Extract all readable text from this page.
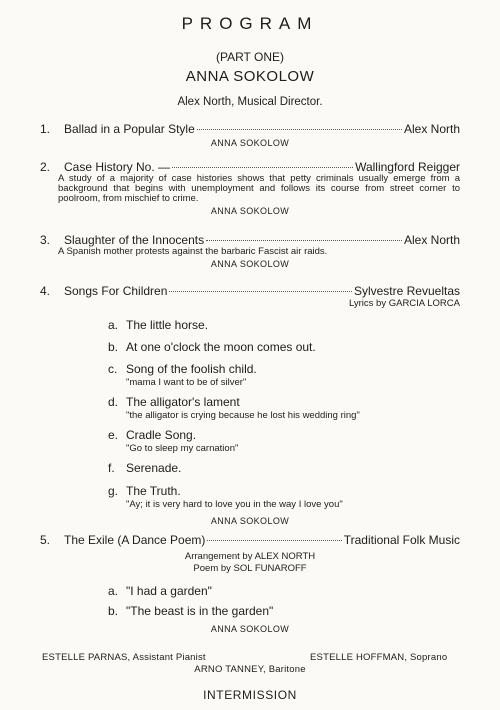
PROGRAM
(PART ONE)
ANNA SOKOLOW
Alex North, Musical Director.
1.	Ballad in a Popular Style	Alex North
ANNA SOKOLOW
2.	Case History No. —	Wallingford Reigger
A study of a majority of case histories shows that petty criminals usually emerge from a background that begins with unemployment and follows its course from street corner to poolroom, from mischief to crime.
ANNA SOKOLOW
3.	Slaughter of the Innocents	Alex North
A Spanish mother protests against the barbaric Fascist air raids.
ANNA SOKOLOW
4.	Songs For Children	Sylvestre Revueltas
Lyrics by GARCIA LORCA
a. The little horse.
b. At one o'clock the moon comes out.
c. Song of the foolish child.
"mama I want to be of silver"
d. The alligator's lament
"the alligator is crying because he lost his wedding ring"
e. Cradle Song.
"Go to sleep my carnation"
f. Serenade.
g. The Truth.
"Ay; it is very hard to love you in the way I love you"
ANNA SOKOLOW
5.	The Exile (A Dance Poem)	Traditional Folk Music
Arrangement by ALEX NORTH
Poem by SOL FUNAROFF
a. "I had a garden"
b. "The beast is in the garden"
ANNA SOKOLOW
ESTELLE PARNAS, Assistant Pianist	ESTELLE HOFFMAN, Soprano
ARNO TANNEY, Baritone
INTERMISSION
